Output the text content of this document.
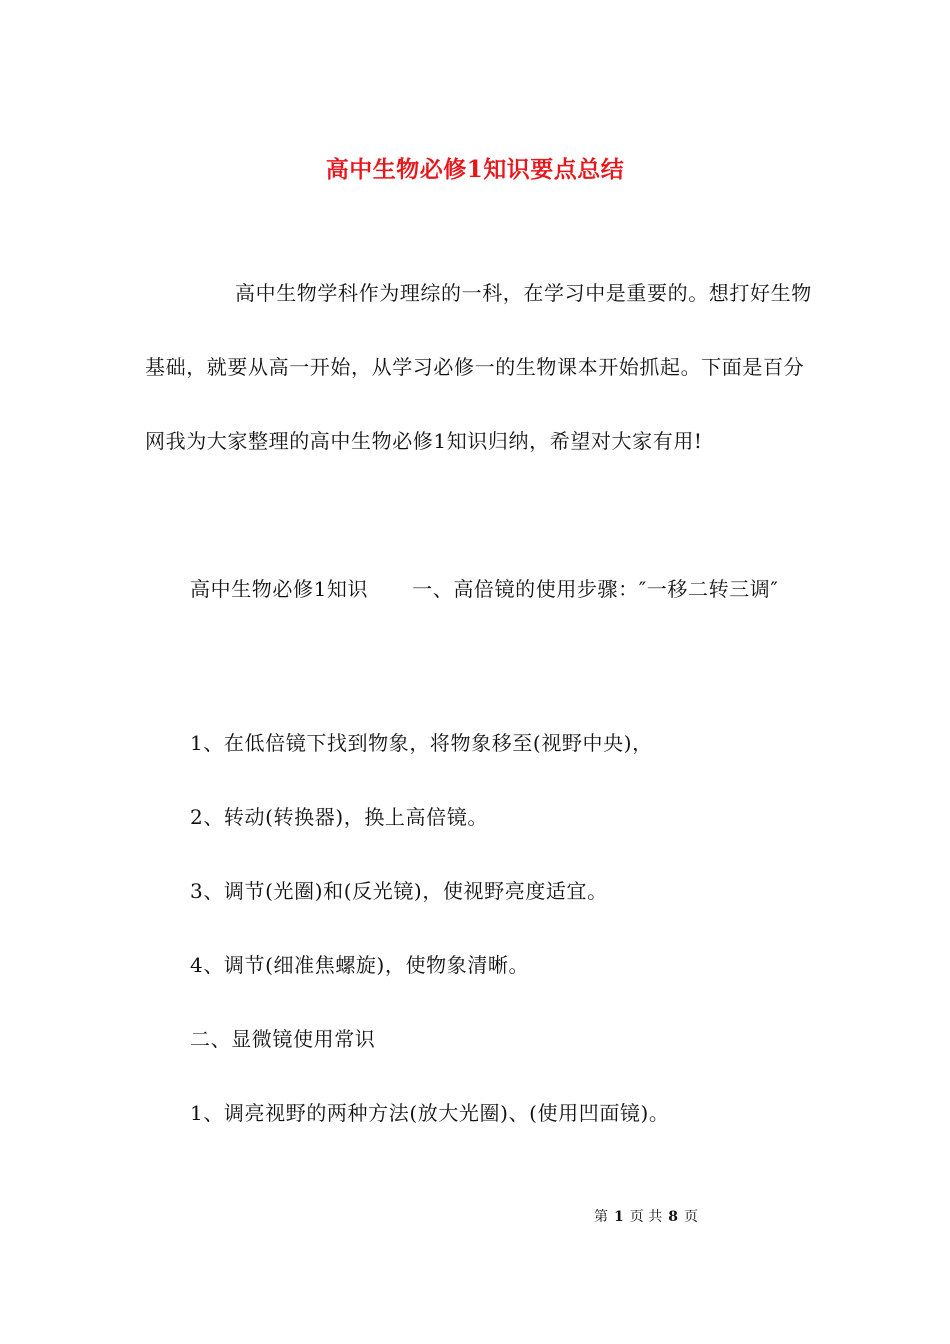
高中生物必修1知识要点总结

高中生物学科作为理综的一科，在学习中是重要的。想打好生物基础，就要从高一开始，从学习必修一的生物课本开始抓起。下面是百分网我为大家整理的高中生物必修1知识归纳，希望对大家有用!

高中生物必修1知识 一、高倍镜的使用步骤：″一移二转三调″

1、在低倍镜下找到物象，将物象移至(视野中央)，

2、转动(转换器)，换上高倍镜。

3、调节(光圈)和(反光镜)，使视野亮度适宜。

4、调节(细准焦螺旋)，使物象清晰。

二、显微镜使用常识

1、调亮视野的两种方法(放大光圈)、(使用凹面镜)。

第 1 页 共 8 页
